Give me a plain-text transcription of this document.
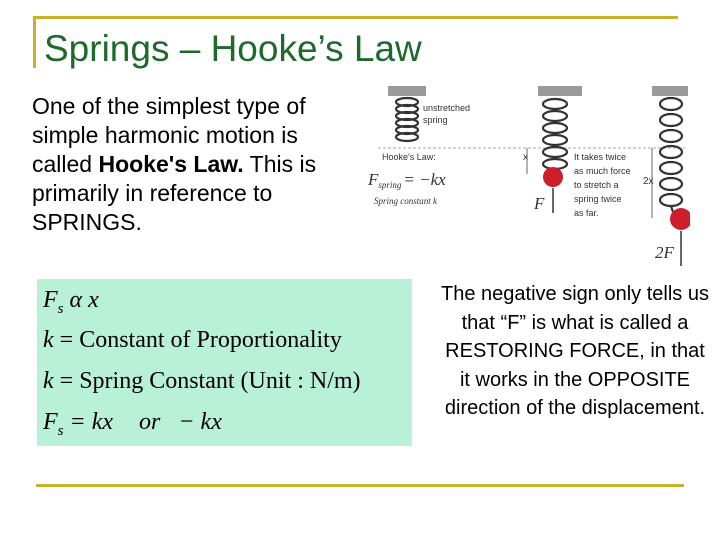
Springs – Hooke’s Law
One of the simplest type of simple harmonic motion is called Hooke's Law. This is primarily in reference to SPRINGS.
unstretched
spring
x
F
Hooke's Law:
Fspring = −kx
Spring constant k
2x
It takes twice
as much force
to stretch a
spring twice
as far.
2F
$F_s$ α x
k = Constant of Proportionality
k = Spring Constant (Unit : N/m)
$F_s$ = kx or − kx
The negative sign only tells us that “F” is what is called a RESTORING FORCE, in that it works in the OPPOSITE direction of the displacement.
